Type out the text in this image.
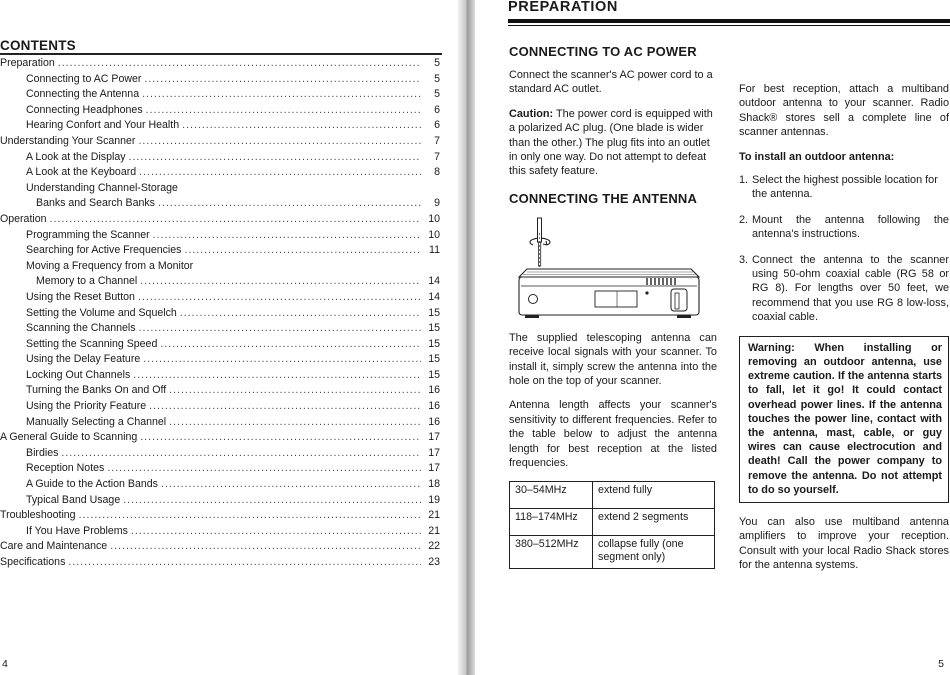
CONTENTS
Preparation .....	5
Connecting to AC Power .....	5
Connecting the Antenna .....	5
Connecting Headphones .....	6
Hearing Confort and Your Health .....	6
Understanding Your Scanner .....	7
A Look at the Display .....	7
A Look at the Keyboard .....	8
Understanding Channel-Storage
Banks and Search Banks .....	9
Operation .....	10
Programming the Scanner .....	10
Searching for Active Frequencies .....	11
Moving a Frequency from a Monitor
Memory to a Channel .....	14
Using the Reset Button .....	14
Setting the Volume and Squelch .....	15
Scanning the Channels .....	15
Setting the Scanning Speed .....	15
Using the Delay Feature .....	15
Locking Out Channels .....	15
Turning the Banks On and Off .....	16
Using the Priority Feature .....	16
Manually Selecting a Channel .....	16
A General Guide to Scanning .....	17
Birdies .....	17
Reception Notes .....	17
A Guide to the Action Bands .....	18
Typical Band Usage .....	19
Troubleshooting .....	21
If You Have Problems .....	21
Care and Maintenance .....	22
Specifications .....	23
4
PREPARATION
CONNECTING TO AC POWER

Connect the scanner's AC power cord to a standard AC outlet.

Caution: The power cord is equipped with a polarized AC plug. (One blade is wider than the other.) The plug fits into an outlet in only one way. Do not attempt to defeat this safety feature.

CONNECTING THE ANTENNA

The supplied telescoping antenna can receive local signals with your scanner. To install it, simply screw the antenna into the hole on the top of your scanner.

Antenna length affects your scanner's sensitivity to different frequencies. Refer to the table below to adjust the antenna length for best reception at the listed frequencies.

30–54MHz	extend fully
118–174MHz	extend 2 segments
380–512MHz	collapse fully (one segment only)

For best reception, attach a multiband outdoor antenna to your scanner. Radio Shack® stores sell a complete line of scanner antennas.

To install an outdoor antenna:
1. Select the highest possible location for the antenna.
2. Mount the antenna following the antenna's instructions.
3. Connect the antenna to the scanner using 50-ohm coaxial cable (RG 58 or RG 8). For lengths over 50 feet, we recommend that you use RG 8 low-loss, coaxial cable.
Warning: When installing or removing an outdoor antenna, use extreme caution. If the antenna starts to fall, let it go! It could contact overhead power lines. If the antenna touches the power line, contact with the antenna, mast, cable, or guy wires can cause electrocution and death! Call the power company to remove the antenna. Do not attempt to do so yourself.

You can also use multiband antenna amplifiers to improve your reception. Consult with your local Radio Shack stores for the antenna systems.

5
